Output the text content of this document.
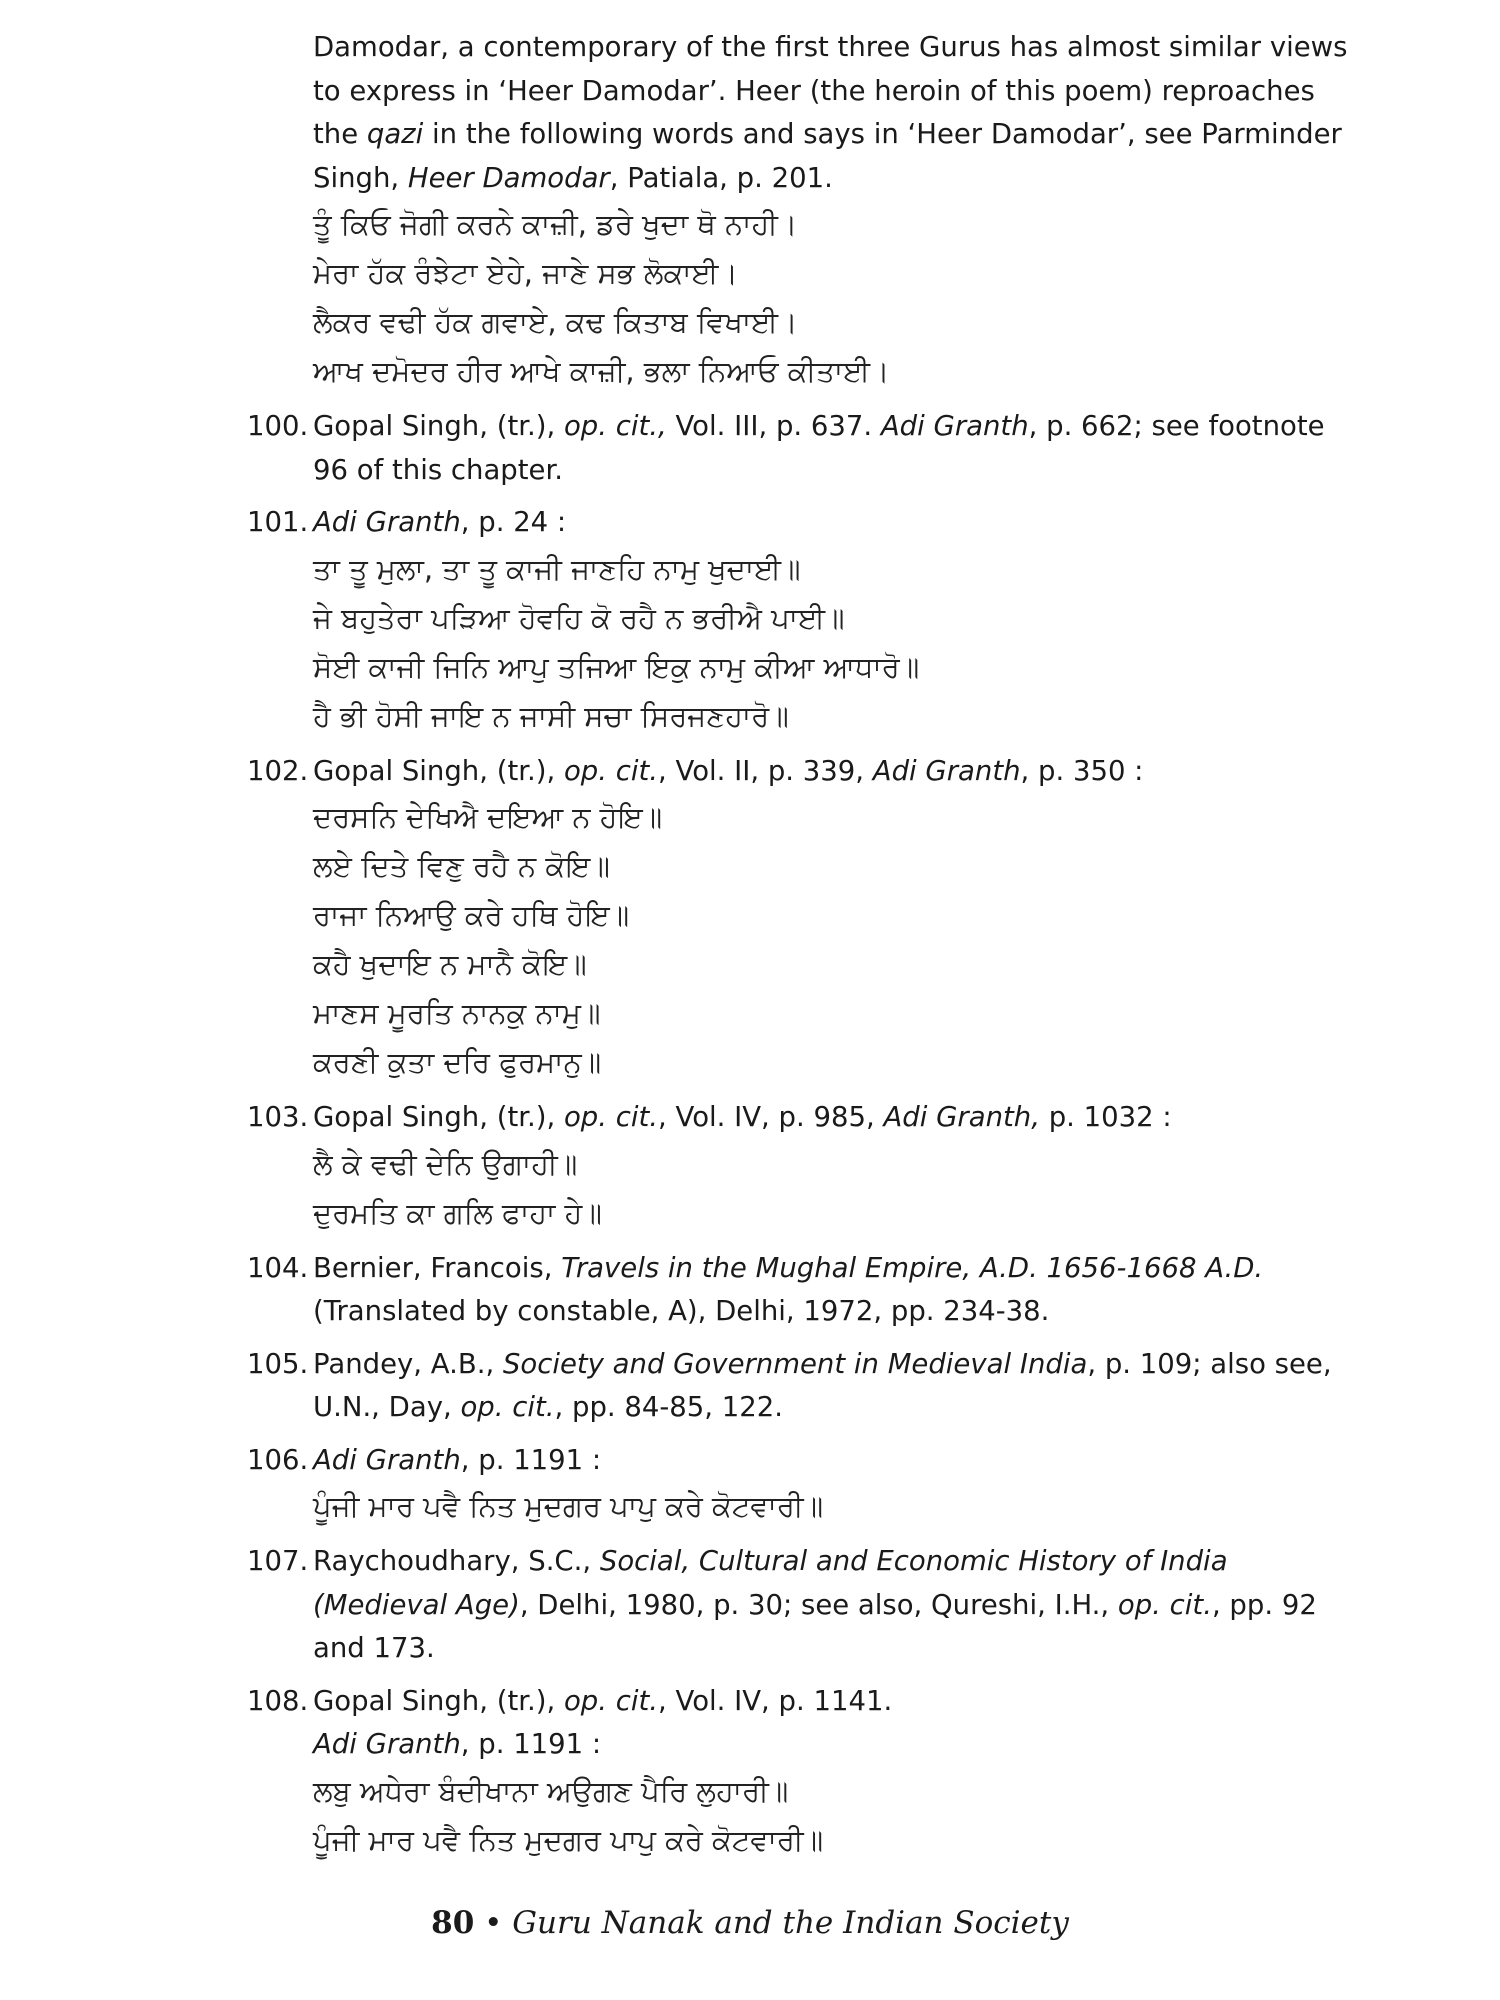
Damodar, a contemporary of the first three Gurus has almost similar views
to express in ‘Heer Damodar’. Heer (the heroin of this poem) reproaches
the qazi in the following words and says in ‘Heer Damodar’, see Parminder
Singh, Heer Damodar, Patiala, p. 201.
ਤੂੰ ਕਿਓ ਜੋਗੀ ਕਰਨੇ ਕਾਜ਼ੀ, ਡਰੇ ਖੁਦਾ ਥੋ ਨਾਹੀ।
ਮੇਰਾ ਹੱਕ ਰੰਝੇਟਾ ਏਹੇ, ਜਾਣੇ ਸਭ ਲੋਕਾਈ।
ਲੈਕਰ ਵਢੀ ਹੱਕ ਗਵਾਏ, ਕਢ ਕਿਤਾਬ ਵਿਖਾਈ।
ਆਖ ਦਮੋਦਰ ਹੀਰ ਆਖੇ ਕਾਜ਼ੀ, ਭਲਾ ਨਿਆਓ ਕੀਤਾਈ।
100. Gopal Singh, (tr.), op. cit., Vol. III, p. 637. Adi Granth, p. 662; see footnote
96 of this chapter.
101. Adi Granth, p. 24 :
ਤਾ ਤੂ ਮੁਲਾ, ਤਾ ਤੂ ਕਾਜੀ ਜਾਣਹਿ ਨਾਮੁ ਖੁਦਾਈ॥
ਜੇ ਬਹੁਤੇਰਾ ਪੜਿਆ ਹੋਵਹਿ ਕੋ ਰਹੈ ਨ ਭਰੀਐ ਪਾਈ॥
ਸੋਈ ਕਾਜੀ ਜਿਨਿ ਆਪੁ ਤਜਿਆ ਇਕੁ ਨਾਮੁ ਕੀਆ ਆਧਾਰੋ॥
ਹੈ ਭੀ ਹੋਸੀ ਜਾਇ ਨ ਜਾਸੀ ਸਚਾ ਸਿਰਜਣਹਾਰੋ॥
102. Gopal Singh, (tr.), op. cit., Vol. II, p. 339, Adi Granth, p. 350 :
ਦਰਸਨਿ ਦੇਖਿਐ ਦਇਆ ਨ ਹੋਇ॥
ਲਏ ਦਿਤੇ ਵਿਣੁ ਰਹੈ ਨ ਕੋਇ॥
ਰਾਜਾ ਨਿਆਉ ਕਰੇ ਹਥਿ ਹੋਇ॥
ਕਹੈ ਖੁਦਾਇ ਨ ਮਾਨੈ ਕੋਇ॥
ਮਾਣਸ ਮੂਰਤਿ ਨਾਨਕੁ ਨਾਮੁ॥
ਕਰਣੀ ਕੁਤਾ ਦਰਿ ਫੁਰਮਾਨੁ॥
103. Gopal Singh, (tr.), op. cit., Vol. IV, p. 985, Adi Granth, p. 1032 :
ਲੈ ਕੇ ਵਢੀ ਦੇਨਿ ਉਗਾਹੀ॥
ਦੁਰਮਤਿ ਕਾ ਗਲਿ ਫਾਹਾ ਹੇ॥
104. Bernier, Francois, Travels in the Mughal Empire, A.D. 1656-1668 A.D.
(Translated by constable, A), Delhi, 1972, pp. 234-38.
105. Pandey, A.B., Society and Government in Medieval India, p. 109; also see,
U.N., Day, op. cit., pp. 84-85, 122.
106. Adi Granth, p. 1191 :
ਪੂੰਜੀ ਮਾਰ ਪਵੈ ਨਿਤ ਮੁਦਗਰ ਪਾਪੁ ਕਰੇ ਕੋਟਵਾਰੀ॥
107. Raychoudhary, S.C., Social, Cultural and Economic History of India
(Medieval Age), Delhi, 1980, p. 30; see also, Qureshi, I.H., op. cit., pp. 92
and 173.
108. Gopal Singh, (tr.), op. cit., Vol. IV, p. 1141.
Adi Granth, p. 1191 :
ਲਬੁ ਅਧੇਰਾ ਬੰਦੀਖਾਨਾ ਅਉਗਣ ਪੈਰਿ ਲੁਹਾਰੀ॥
ਪੂੰਜੀ ਮਾਰ ਪਵੈ ਨਿਤ ਮੁਦਗਰ ਪਾਪੁ ਕਰੇ ਕੋਟਵਾਰੀ॥
80 • Guru Nanak and the Indian Society
